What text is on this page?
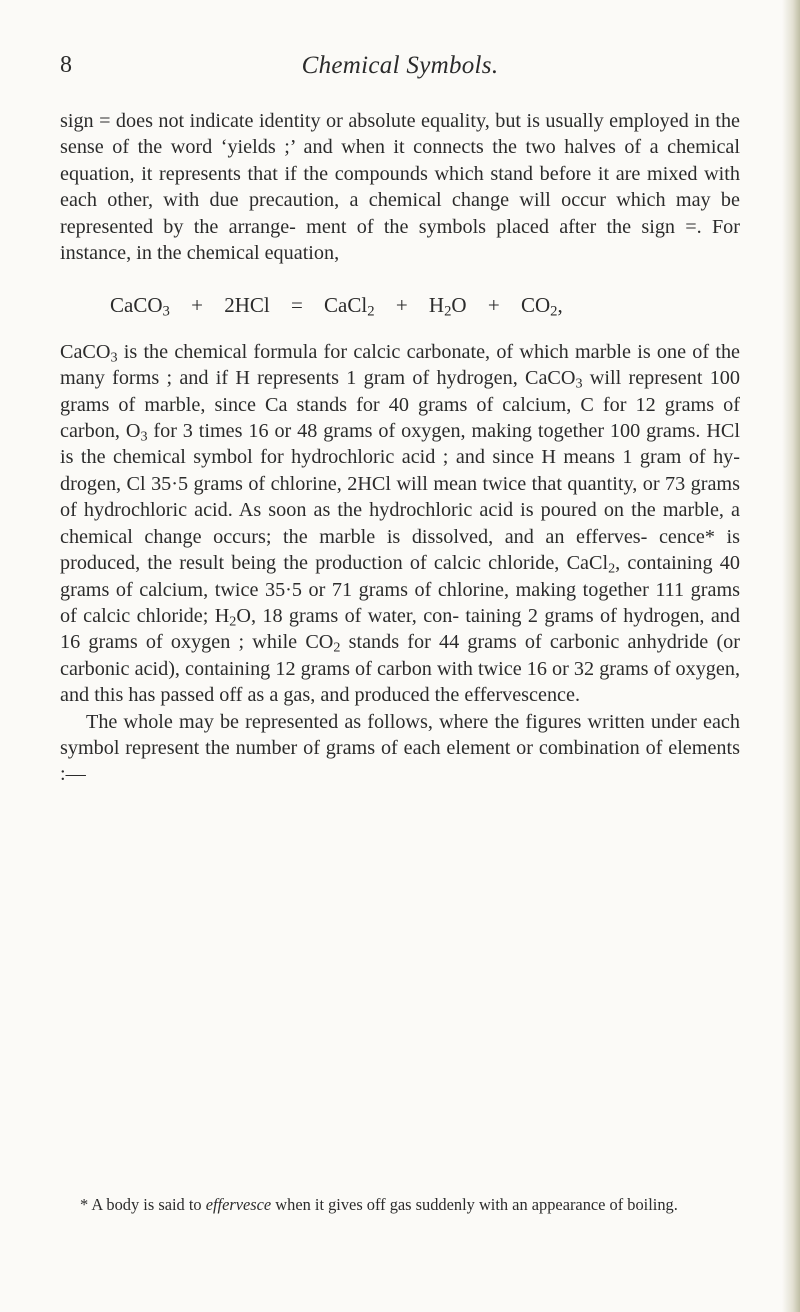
8	Chemical Symbols.

sign = does not indicate identity or absolute equality, but is usually employed in the sense of the word ‘yields ;’ and when it connects the two halves of a chemical equation, it represents that if the compounds which stand before it are mixed with each other, with due precaution, a chemical change will occur which may be represented by the arrange- ment of the symbols placed after the sign =. For instance, in the chemical equation,

CaCO$_3$ + 2HCl = CaCl$_2$ + $H_2O + CO_2$,

CaCO$_3$ is the chemical formula for calcic carbonate, of which marble is one of the many forms ; and if H represents 1 gram of hydrogen, CaCO$_3$ will represent 100 grams of marble, since Ca stands for 40 grams of calcium, C for 12 grams of carbon, $O_3$ for 3 times 16 or 48 grams of oxygen, making together 100 grams. HCl is the chemical symbol for hydrochloric acid ; and since H means 1 gram of hy- drogen, Cl 35·5 grams of chlorine, 2HCl will mean twice that quantity, or 73 grams of hydrochloric acid. As soon as the hydrochloric acid is poured on the marble, a chemical change occurs; the marble is dissolved, and an efferves- cence* is produced, the result being the production of calcic chloride, CaCl$_2$, containing 40 grams of calcium, twice 35·5 or 71 grams of chlorine, making together 111 grams of calcic chloride; $H_2O$, 18 grams of water, con- taining 2 grams of hydrogen, and 16 grams of oxygen ; while $CO_2$ stands for 44 grams of carbonic anhydride (or carbonic acid), containing 12 grams of carbon with twice 16 or 32 grams of oxygen, and this has passed off as a gas, and produced the effervescence.

The whole may be represented as follows, where the figures written under each symbol represent the number of grams of each element or combination of elements :—

* A body is said to effervesce when it gives off gas suddenly with an appearance of boiling.
